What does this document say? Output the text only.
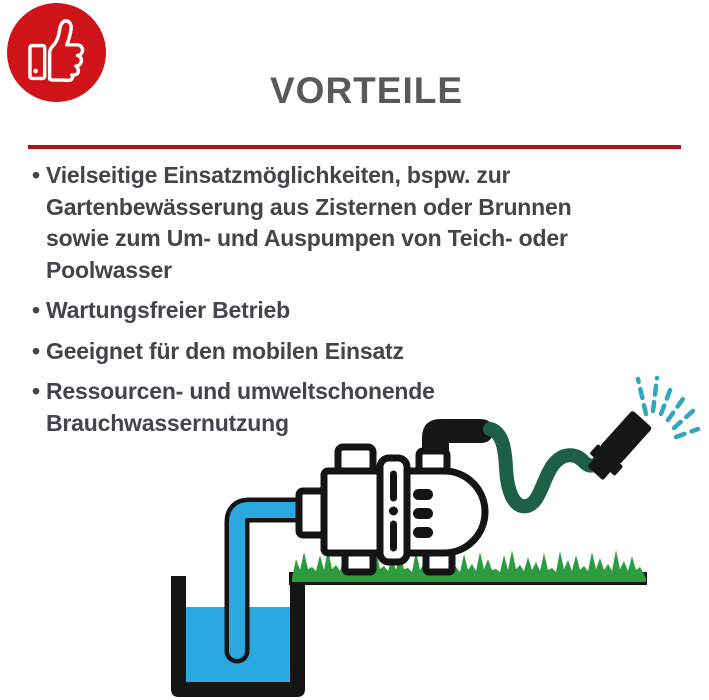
VORTEILE
• Vielseitige Einsatzmöglichkeiten, bspw. zur Gartenbewässerung aus Zisternen oder Brunnen sowie zum Um- und Auspumpen von Teich- oder Poolwasser
• Wartungsfreier Betrieb
• Geeignet für den mobilen Einsatz
• Ressourcen- und umweltschonende Brauchwassernutzung
